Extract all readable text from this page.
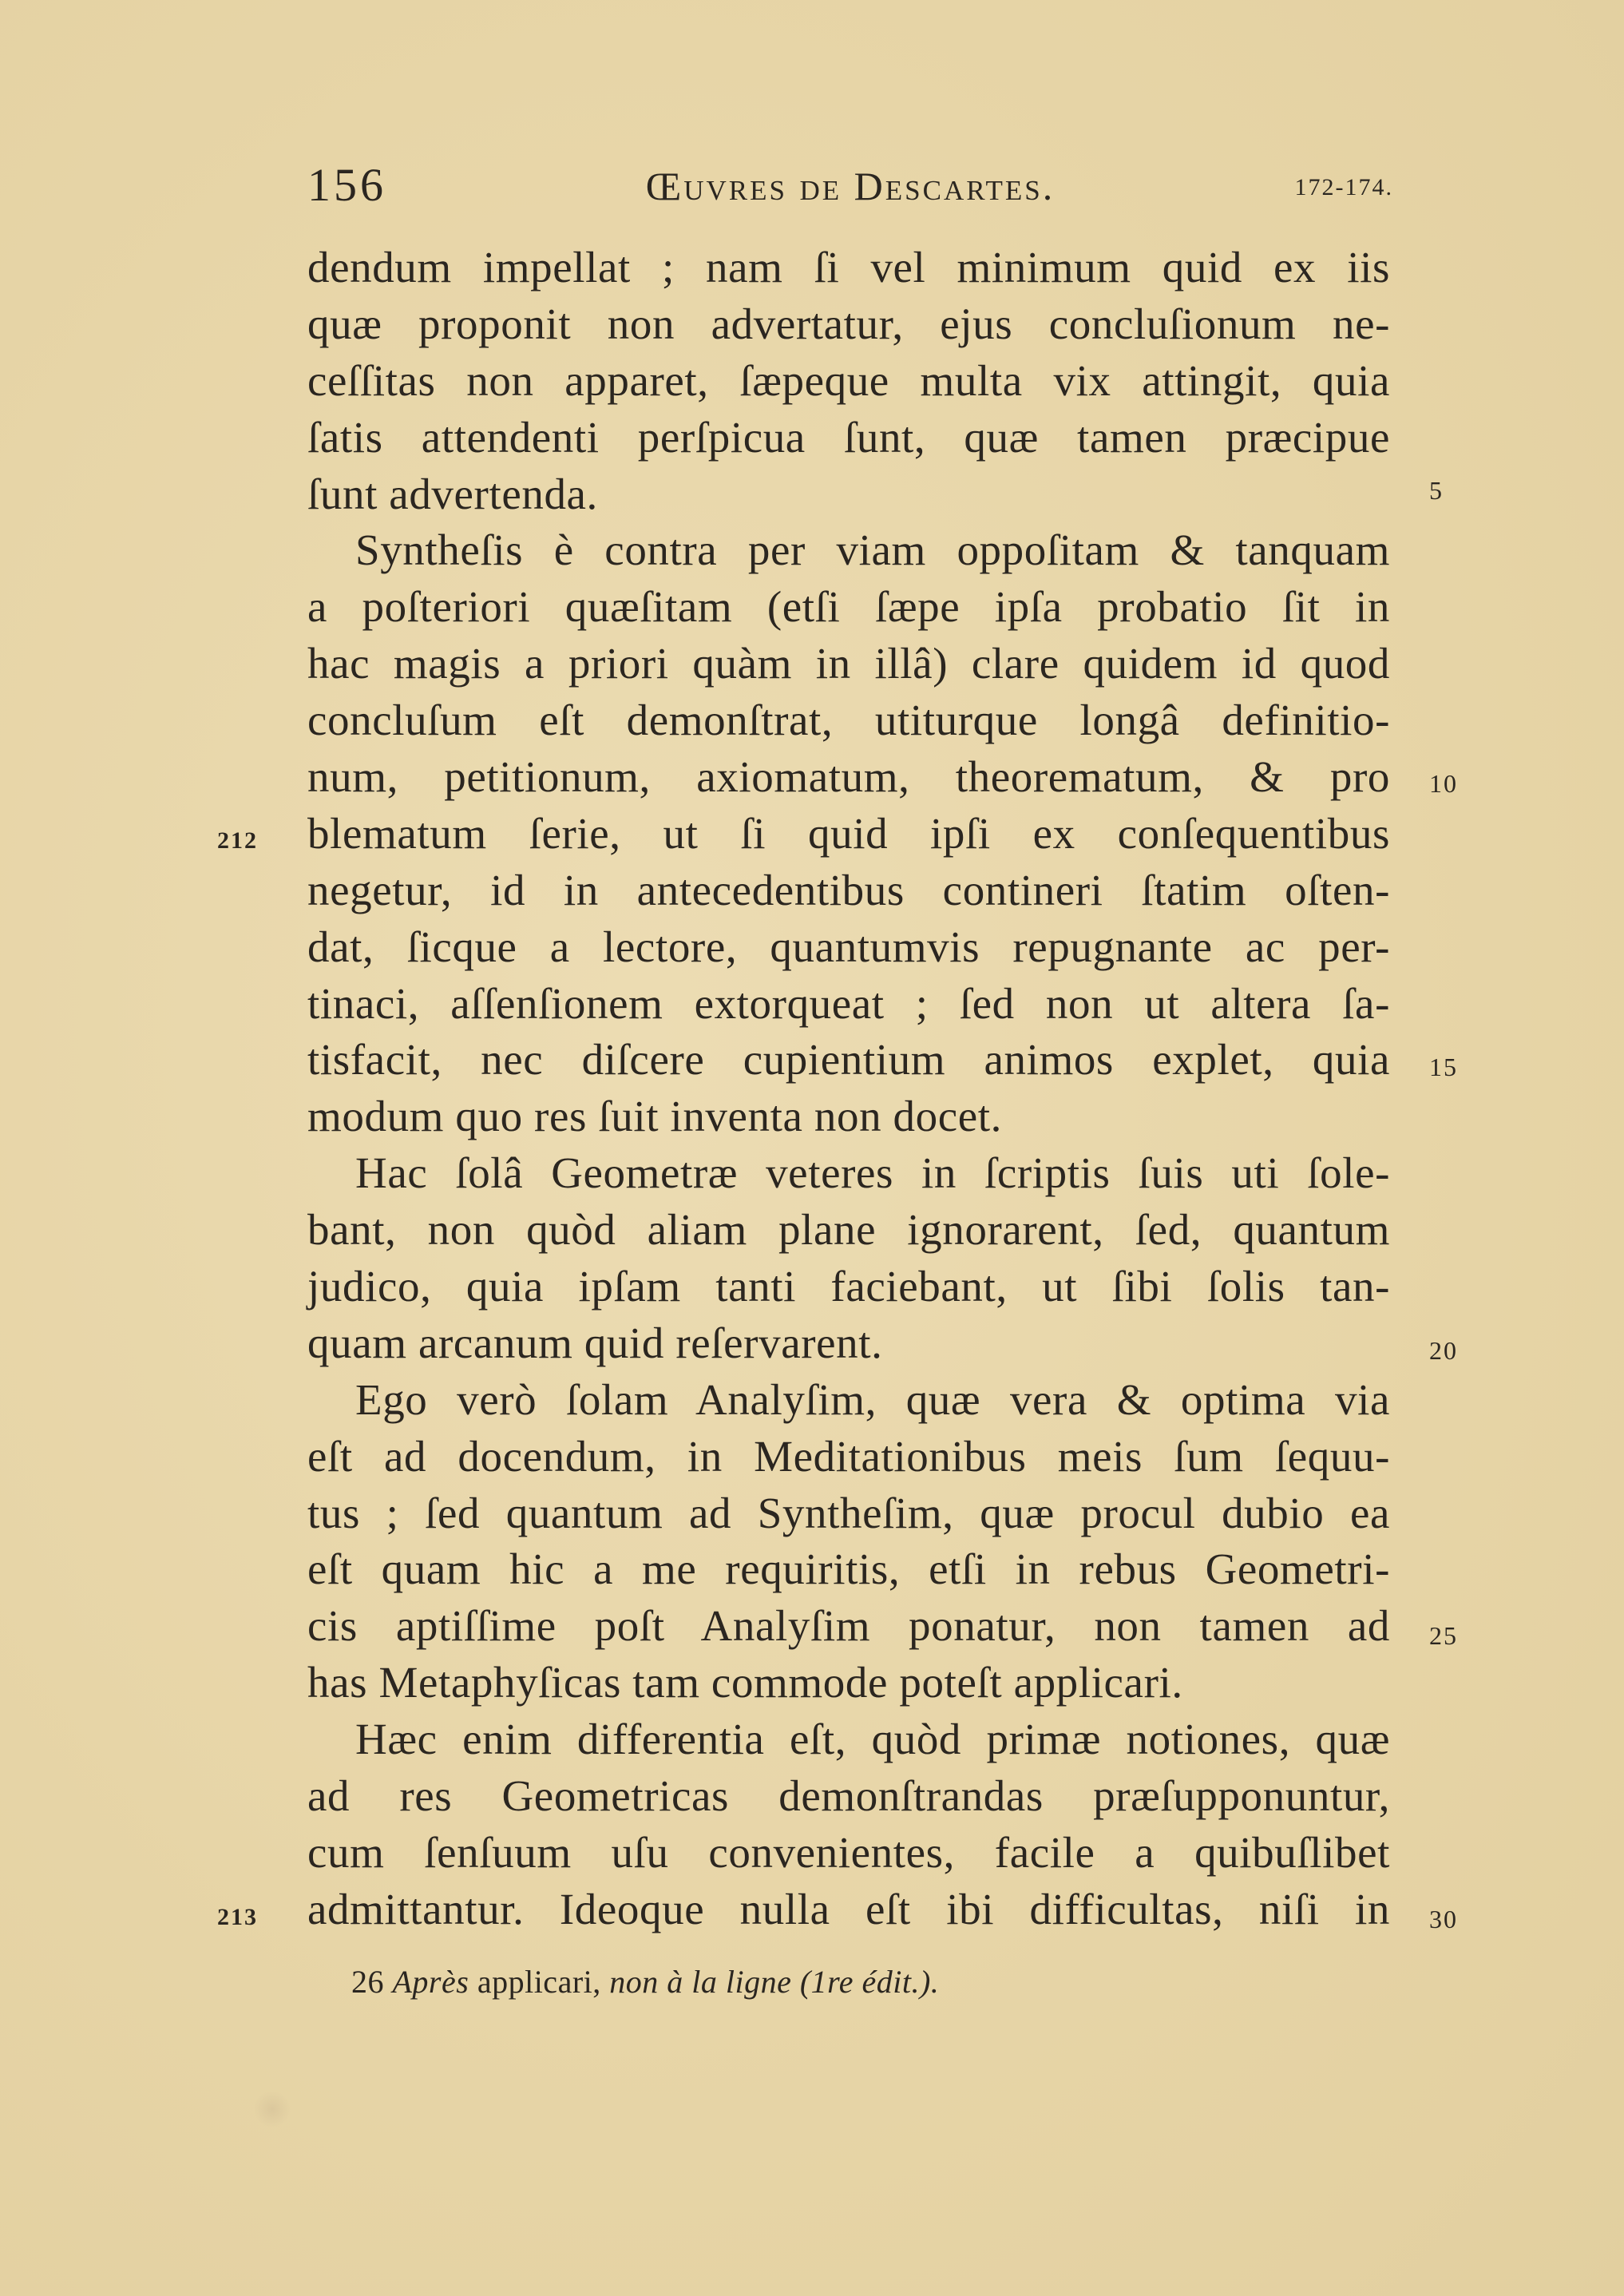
156	Œuvres de Descartes.	172-174.
dendum impellat ; nam ſi vel minimum quid ex iis
quæ proponit non advertatur, ejus concluſionum ne-
ceſſitas non apparet, ſæpeque multa vix attingit, quia
ſatis attendenti perſpicua ſunt, quæ tamen præcipue
ſunt advertenda.
Syntheſis è contra per viam oppoſitam & tanquam
a poſteriori quæſitam (etſi ſæpe ipſa probatio ſit in
hac magis a priori quàm in illâ) clare quidem id quod
concluſum eſt demonſtrat, utiturque longâ definitio-
num, petitionum, axiomatum, theorematum, & pro
blematum ſerie, ut ſi quid ipſi ex conſequentibus
negetur, id in antecedentibus contineri ſtatim oſten-
dat, ſicque a lectore, quantumvis repugnante ac per-
tinaci, aſſenſionem extorqueat ; ſed non ut altera ſa-
tisfacit, nec diſcere cupientium animos explet, quia
modum quo res ſuit inventa non docet.
Hac ſolâ Geometræ veteres in ſcriptis ſuis uti ſole-
bant, non quòd aliam plane ignorarent, ſed, quantum
judico, quia ipſam tanti faciebant, ut ſibi ſolis tan-
quam arcanum quid reſervarent.
Ego verò ſolam Analyſim, quæ vera & optima via
eſt ad docendum, in Meditationibus meis ſum ſequu-
tus ; ſed quantum ad Syntheſim, quæ procul dubio ea
eſt quam hic a me requiritis, etſi in rebus Geometri-
cis aptiſſime poſt Analyſim ponatur, non tamen ad
has Metaphyſicas tam commode poteſt applicari.
Hæc enim differentia eſt, quòd primæ notiones, quæ
ad res Geometricas demonſtrandas præſupponuntur,
cum ſenſuum uſu convenientes, facile a quibuſlibet
admittantur. Ideoque nulla eſt ibi difficultas, niſi in
5
10
15
20
25
30
212
213
26 Après applicari, non à la ligne (1re édit.).
